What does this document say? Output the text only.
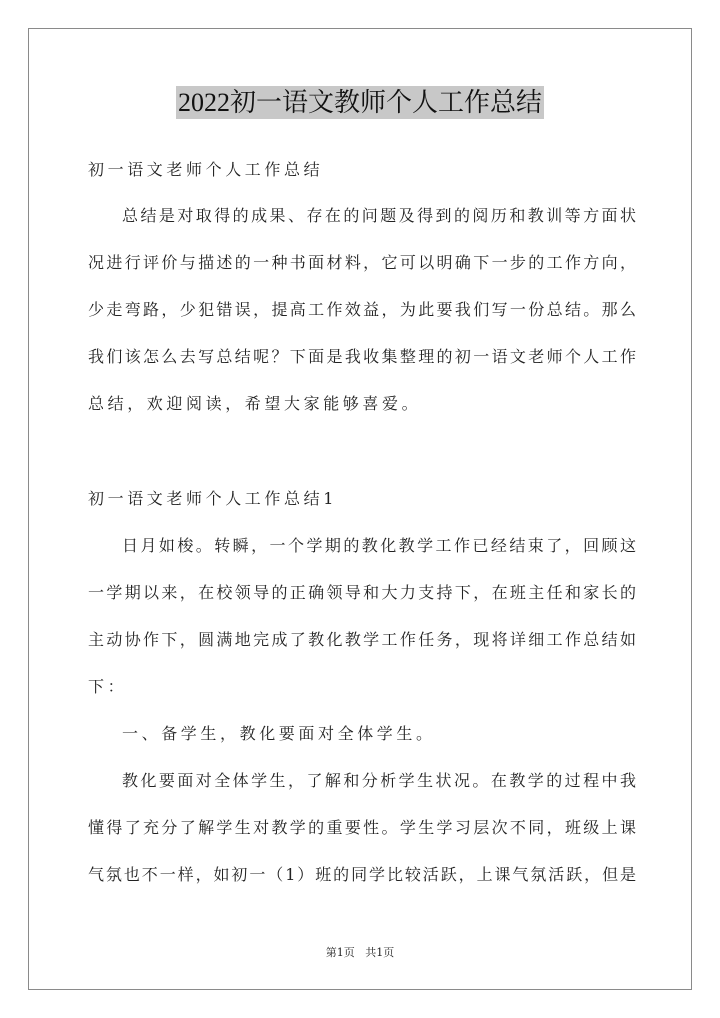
2022初一语文教师个人工作总结
初一语文老师个人工作总结
总结是对取得的成果、存在的问题及得到的阅历和教训等方面状
况进行评价与描述的一种书面材料，它可以明确下一步的工作方向，
少走弯路，少犯错误，提高工作效益，为此要我们写一份总结。那么
我们该怎么去写总结呢？下面是我收集整理的初一语文老师个人工作
总结，欢迎阅读，希望大家能够喜爱。
初一语文老师个人工作总结1
日月如梭。转瞬，一个学期的教化教学工作已经结束了，回顾这
一学期以来，在校领导的正确领导和大力支持下，在班主任和家长的
主动协作下，圆满地完成了教化教学工作任务，现将详细工作总结如
下：
一、备学生，教化要面对全体学生。
教化要面对全体学生，了解和分析学生状况。在教学的过程中我
懂得了充分了解学生对教学的重要性。学生学习层次不同，班级上课
气氛也不一样，如初一（1）班的同学比较活跃，上课气氛活跃，但是
第1页   共1页
